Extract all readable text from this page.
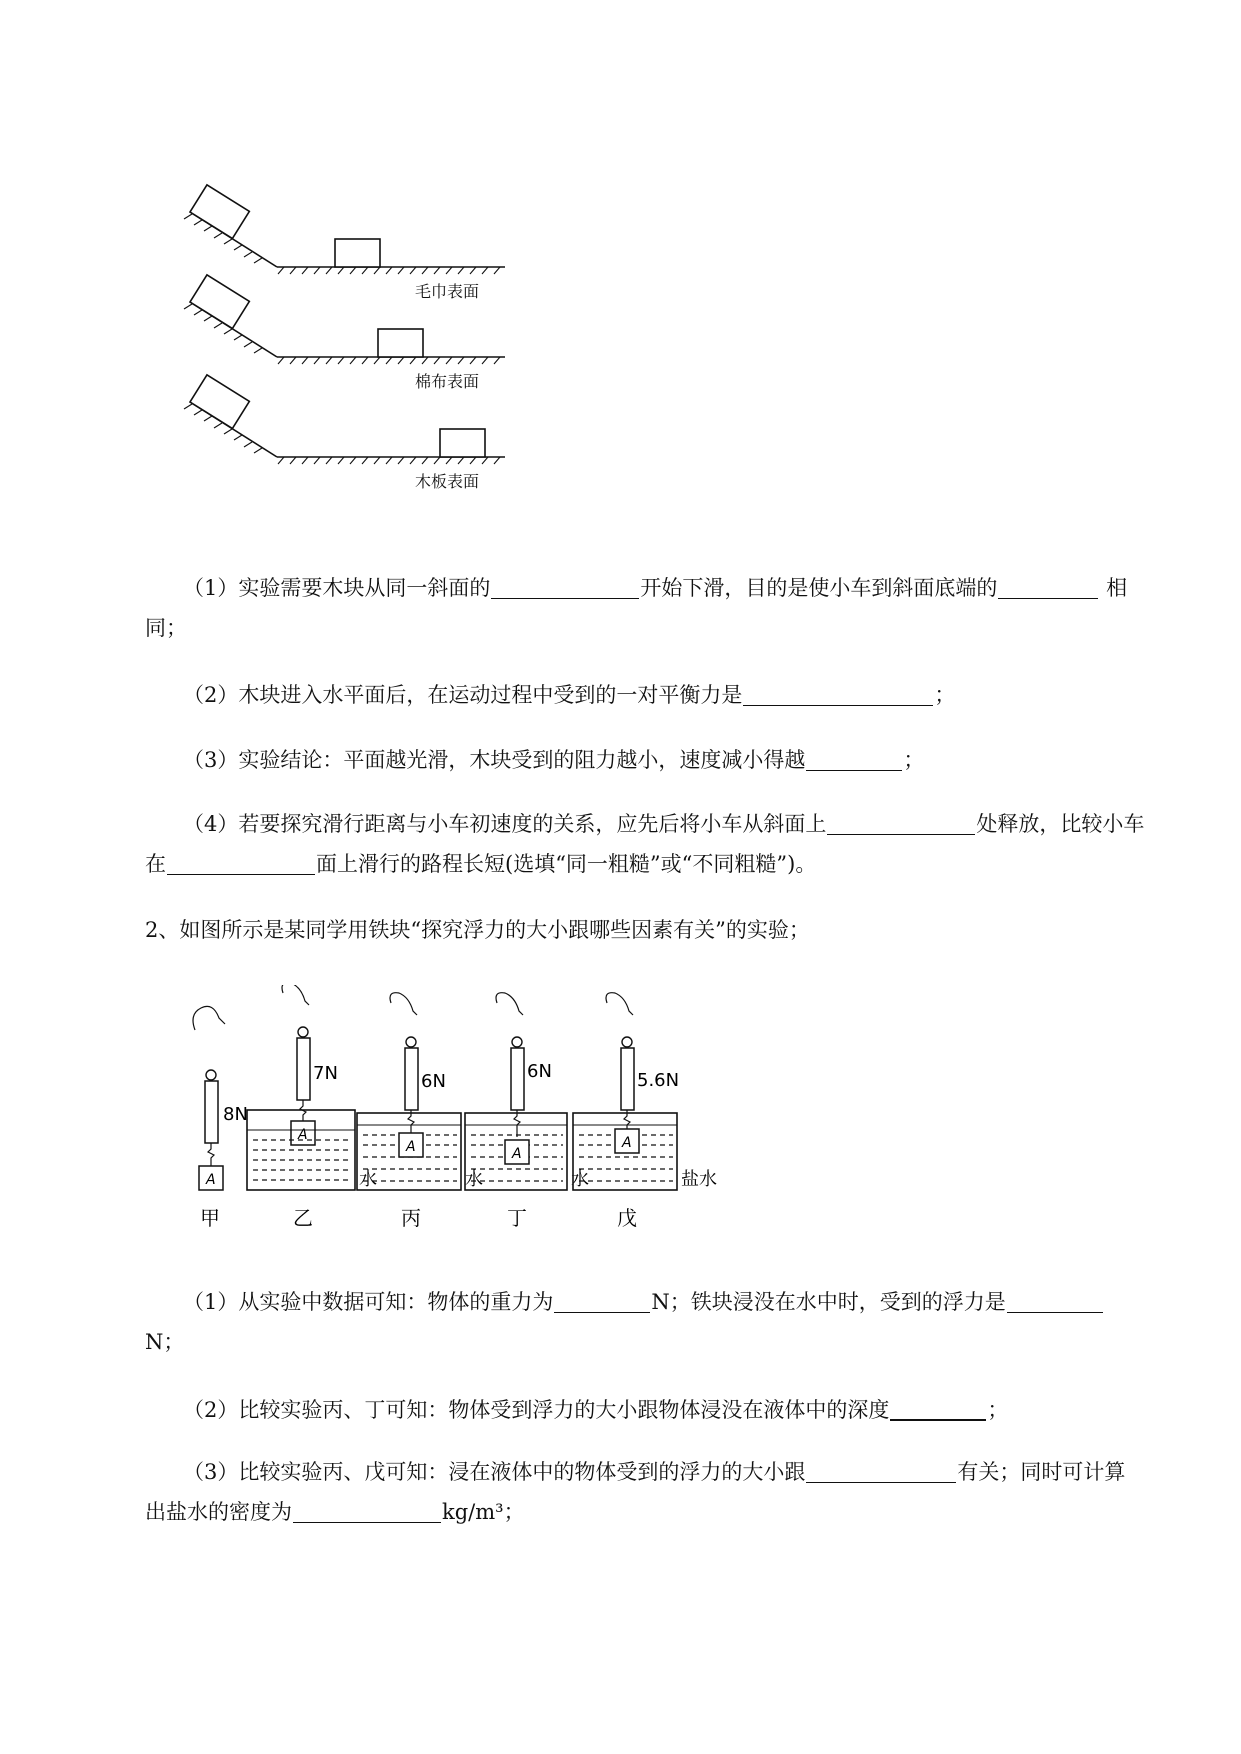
毛巾表面
棉布表面
木板表面

（1）实验需要木块从同一斜面的	开始下滑，目的是使小车到斜面底端的	相同；

（2）木块进入水平面后，在运动过程中受到的一对平衡力是	；

（3）实验结论：平面越光滑，木块受到的阻力越小，速度减小得越	；

（4）若要探究滑行距离与小车初速度的关系，应先后将小车从斜面上	处释放，比较小车在	面上滑行的路程长短(选填“同一粗糙”或“不同粗糙”)。

2、如图所示是某同学用铁块“探究浮力的大小跟哪些因素有关”的实验；

A
8N
甲
A
7N
水
乙
A
6N
水
丙
A
6N
水
丁
A
5.6N
盐水
戊

（1）从实验中数据可知：物体的重力为	N；铁块浸没在水中时，受到的浮力是 N；

（2）比较实验丙、丁可知：物体受到浮力的大小跟物体浸没在液体中的深度	；

（3）比较实验丙、戊可知：浸在液体中的物体受到的浮力的大小跟	有关；同时可计算出盐水的密度为	kg/m³；
